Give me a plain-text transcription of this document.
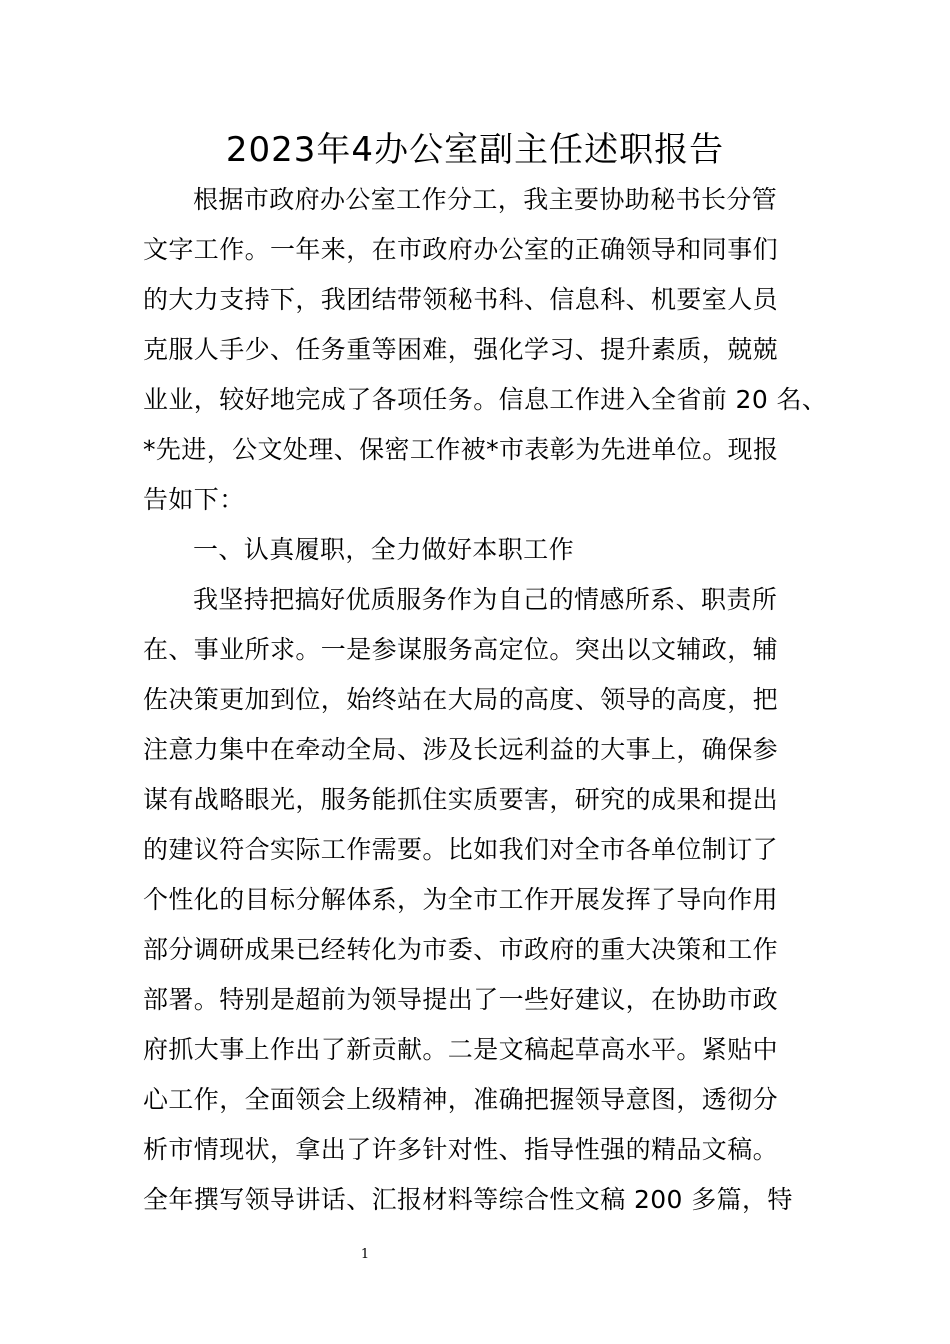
2023年4办公室副主任述职报告
根据市政府办公室工作分工，我主要协助秘书长分管
文字工作。一年来，在市政府办公室的正确领导和同事们
的大力支持下，我团结带领秘书科、信息科、机要室人员
克服人手少、任务重等困难，强化学习、提升素质，兢兢
业业，较好地完成了各项任务。信息工作进入全省前 20 名、
*先进，公文处理、保密工作被*市表彰为先进单位。现报
告如下：
一、认真履职，全力做好本职工作
我坚持把搞好优质服务作为自己的情感所系、职责所
在、事业所求。一是参谋服务高定位。突出以文辅政，辅
佐决策更加到位，始终站在大局的高度、领导的高度，把
注意力集中在牵动全局、涉及长远利益的大事上，确保参
谋有战略眼光，服务能抓住实质要害，研究的成果和提出
的建议符合实际工作需要。比如我们对全市各单位制订了
个性化的目标分解体系，为全市工作开展发挥了导向作用
部分调研成果已经转化为市委、市政府的重大决策和工作
部署。特别是超前为领导提出了一些好建议，在协助市政
府抓大事上作出了新贡献。二是文稿起草高水平。紧贴中
心工作，全面领会上级精神，准确把握领导意图，透彻分
析市情现状，拿出了许多针对性、指导性强的精品文稿。
全年撰写领导讲话、汇报材料等综合性文稿 200 多篇，特
1
